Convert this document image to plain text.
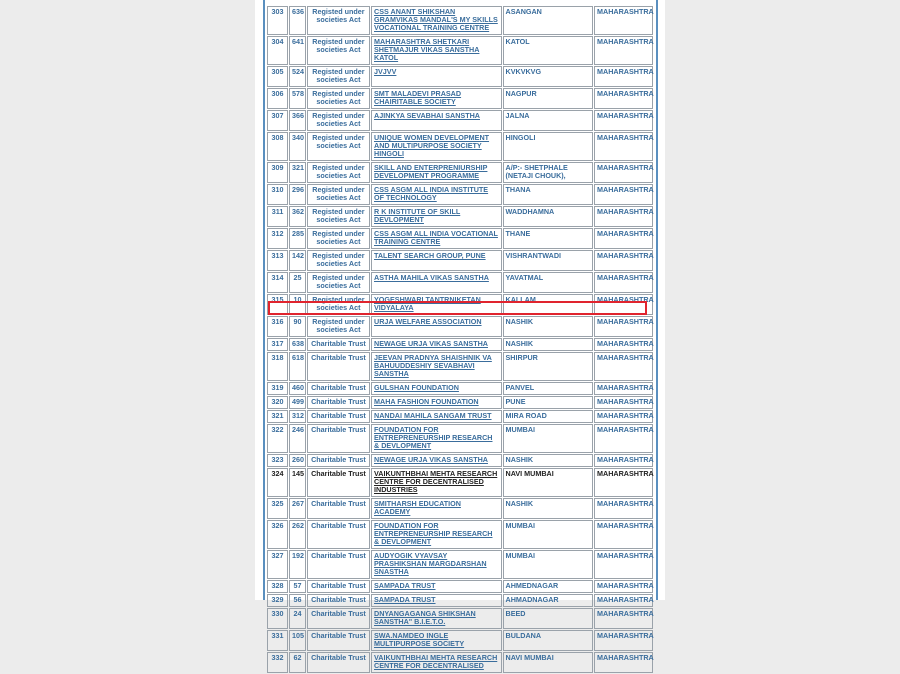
303	636	Registed under societies Act	CSS ANANT SHIKSHAN GRAMVIKAS MANDAL'S MY SKILLS VOCATIONAL TRAINING CENTRE	ASANGAN	MAHARASHTRA
304	641	Registed under societies Act	MAHARASHTRA SHETKARI SHETMAJUR VIKAS SANSTHA KATOL	KATOL	MAHARASHTRA
305	524	Registed under societies Act	JVJVV	KVKVKVG	MAHARASHTRA
306	578	Registed under societies Act	SMT MALADEVI PRASAD CHAIRITABLE SOCIETY	NAGPUR	MAHARASHTRA
307	366	Registed under societies Act	AJINKYA SEVABHAI SANSTHA	JALNA	MAHARASHTRA
308	340	Registed under societies Act	UNIQUE WOMEN DEVELOPMENT AND MULTIPURPOSE SOCIETY HINGOLI	HINGOLI	MAHARASHTRA
309	321	Registed under societies Act	SKILL AND ENTERPRENIURSHIP DEVELOPMENT PROGRAMME	A/P:- SHETPHALE (NETAJI CHOUK),	MAHARASHTRA
310	296	Registed under societies Act	CSS ASGM ALL INDIA INSTITUTE OF TECHNOLOGY	THANA	MAHARASHTRA
311	362	Registed under societies Act	R K INSTITUTE OF SKILL DEVLOPMENT	WADDHAMNA	MAHARASHTRA
312	285	Registed under societies Act	CSS ASGM ALL INDIA VOCATIONAL TRAINING CENTRE	THANE	MAHARASHTRA
313	142	Registed under societies Act	TALENT SEARCH GROUP, PUNE	VISHRANTWADI	MAHARASHTRA
314	25	Registed under societies Act	ASTHA MAHILA VIKAS SANSTHA	YAVATMAL	MAHARASHTRA
315	10	Registed under societies Act	YOGESHWARI TANTRNIKETAN VIDYALAYA	KALLAM	MAHARASHTRA
316	90	Registed under societies Act	URJA WELFARE ASSOCIATION	NASHIK	MAHARASHTRA
317	638	Charitable Trust	NEWAGE URJA VIKAS SANSTHA	NASHIK	MAHARASHTRA
318	618	Charitable Trust	JEEVAN PRADNYA SHAISHNIK VA BAHUUDDESHIY SEVABHAVI SANSTHA	SHIRPUR	MAHARASHTRA
319	460	Charitable Trust	GULSHAN FOUNDATION	PANVEL	MAHARASHTRA
320	499	Charitable Trust	MAHA FASHION FOUNDATION	PUNE	MAHARASHTRA
321	312	Charitable Trust	NANDAI MAHILA SANGAM TRUST	MIRA ROAD	MAHARASHTRA
322	246	Charitable Trust	FOUNDATION FOR ENTREPRENEURSHIP RESEARCH & DEVLOPMENT	MUMBAI	MAHARASHTRA
323	260	Charitable Trust	NEWAGE URJA VIKAS SANSTHA	NASHIK	MAHARASHTRA
324	145	Charitable Trust	VAIKUNTHBHAI MEHTA RESEARCH CENTRE FOR DECENTRALISED INDUSTRIES	NAVI MUMBAI	MAHARASHTRA
325	267	Charitable Trust	SMITHARSH EDUCATION ACADEMY	NASHIK	MAHARASHTRA
326	262	Charitable Trust	FOUNDATION FOR ENTREPRENEURSHIP RESEARCH & DEVLOPMENT	MUMBAI	MAHARASHTRA
327	192	Charitable Trust	AUDYOGIK VYAVSAY PRASHIKSHAN MARGDARSHAN SNASTHA	MUMBAI	MAHARASHTRA
328	57	Charitable Trust	SAMPADA TRUST	AHMEDNAGAR	MAHARASHTRA
329	56	Charitable Trust	SAMPADA TRUST	AHMADNAGAR	MAHARASHTRA
330	24	Charitable Trust	DNYANGAGANGA SHIKSHAN SANSTHA" B.I.E.T.O.	BEED	MAHARASHTRA
331	105	Charitable Trust	SWA.NAMDEO INGLE MULTIPURPOSE SOCIETY	BULDANA	MAHARASHTRA
332	62	Charitable Trust	VAIKUNTHBHAI MEHTA RESEARCH CENTRE FOR DECENTRALISED	NAVI MUMBAI	MAHARASHTRA
